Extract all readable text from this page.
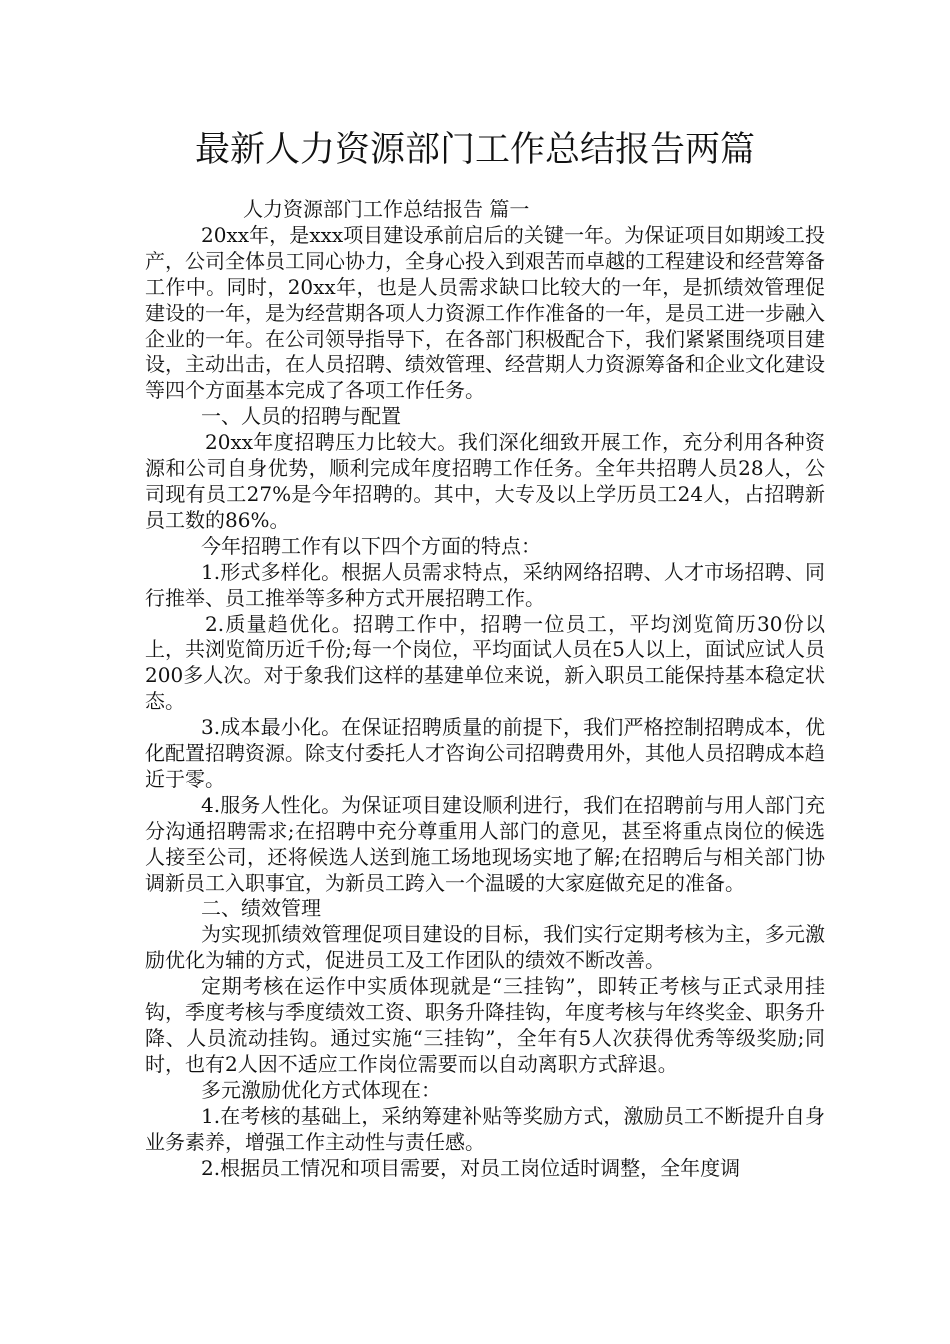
最新人力资源部门工作总结报告两篇

人力资源部门工作总结报告 篇一

20xx年，是xxx项目建设承前启后的关键一年。为保证项目如期竣工投产，公司全体员工同心协力，全身心投入到艰苦而卓越的工程建设和经营筹备工作中。同时，20xx年，也是人员需求缺口比较大的一年，是抓绩效管理促建设的一年，是为经营期各项人力资源工作作准备的一年，是员工进一步融入企业的一年。在公司领导指导下，在各部门积极配合下，我们紧紧围绕项目建设，主动出击，在人员招聘、绩效管理、经营期人力资源筹备和企业文化建设等四个方面基本完成了各项工作任务。

一、人员的招聘与配置

20xx年度招聘压力比较大。我们深化细致开展工作，充分利用各种资源和公司自身优势，顺利完成年度招聘工作任务。全年共招聘人员28人，公司现有员工27%是今年招聘的。其中，大专及以上学历员工24人，占招聘新员工数的86%。

今年招聘工作有以下四个方面的特点：

1.形式多样化。根据人员需求特点，采纳网络招聘、人才市场招聘、同行推举、员工推举等多种方式开展招聘工作。

2.质量趋优化。招聘工作中，招聘一位员工，平均浏览简历30份以上，共浏览简历近千份;每一个岗位，平均面试人员在5人以上，面试应试人员200多人次。对于象我们这样的基建单位来说，新入职员工能保持基本稳定状态。

3.成本最小化。在保证招聘质量的前提下，我们严格控制招聘成本，优化配置招聘资源。除支付委托人才咨询公司招聘费用外，其他人员招聘成本趋近于零。

4.服务人性化。为保证项目建设顺利进行，我们在招聘前与用人部门充分沟通招聘需求;在招聘中充分尊重用人部门的意见，甚至将重点岗位的候选人接至公司，还将候选人送到施工场地现场实地了解;在招聘后与相关部门协调新员工入职事宜，为新员工跨入一个温暖的大家庭做充足的准备。

二、绩效管理

为实现抓绩效管理促项目建设的目标，我们实行定期考核为主，多元激励优化为辅的方式，促进员工及工作团队的绩效不断改善。

定期考核在运作中实质体现就是“三挂钩”，即转正考核与正式录用挂钩，季度考核与季度绩效工资、职务升降挂钩，年度考核与年终奖金、职务升降、人员流动挂钩。通过实施“三挂钩”，全年有5人次获得优秀等级奖励;同时，也有2人因不适应工作岗位需要而以自动离职方式辞退。

多元激励优化方式体现在：

1.在考核的基础上，采纳筹建补贴等奖励方式，激励员工不断提升自身业务素养，增强工作主动性与责任感。

2.根据员工情况和项目需要，对员工岗位适时调整，全年度调
